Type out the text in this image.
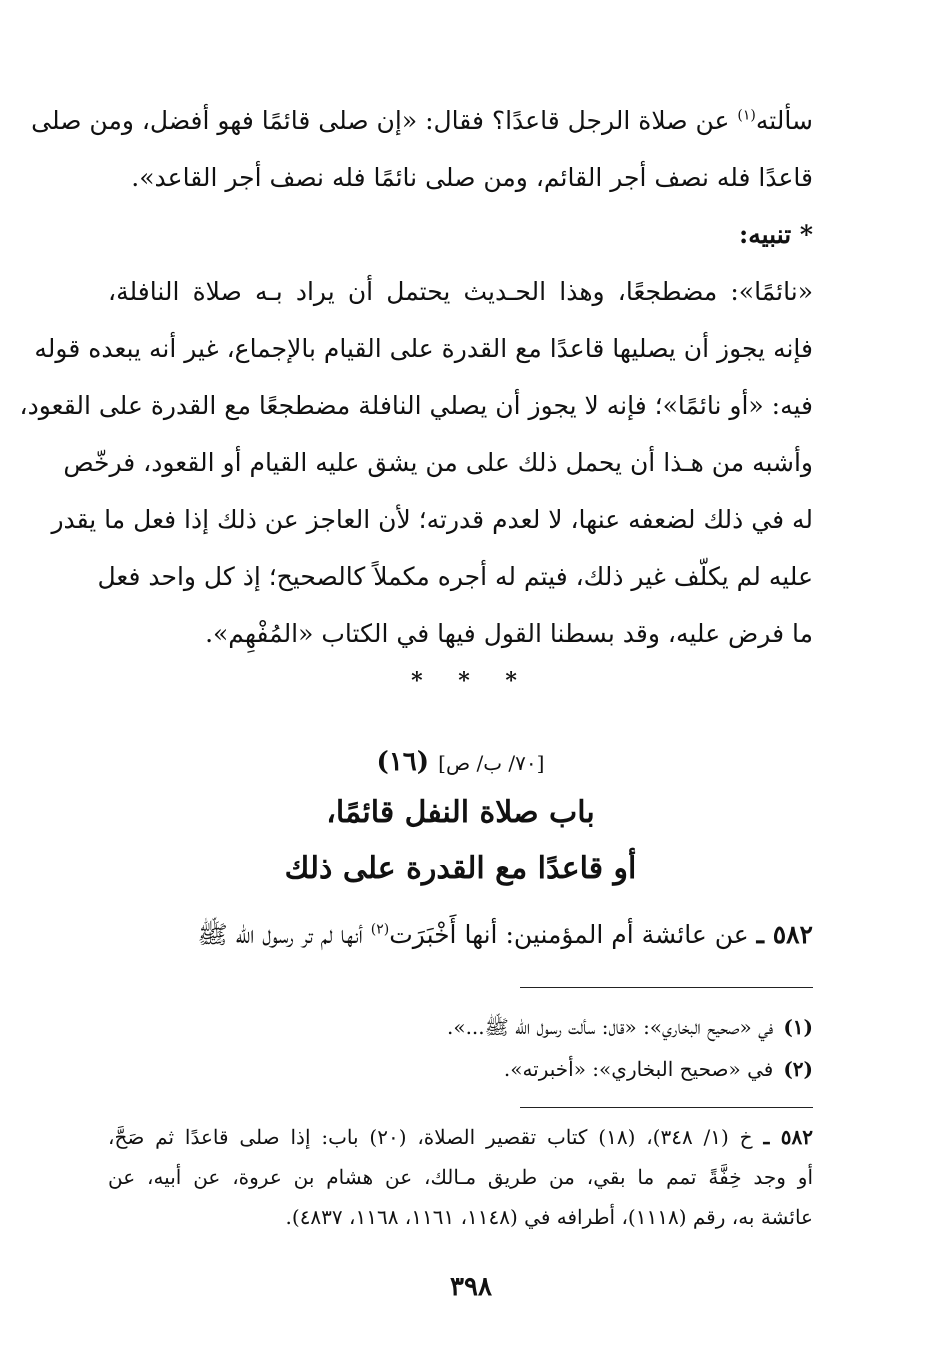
سألته$^{(١)}$ عن صلاة الرجل قاعدًا؟ فقال: «إن صلى قائمًا فهو أفضل، ومن صلى
قاعدًا فله نصف أجر القائم، ومن صلى نائمًا فله نصف أجر القاعد».
* تنبيه:
«نائمًا»: مضطجعًا، وهذا الحـديث يحتمل أن يراد بـه صلاة النافلة،
فإنه يجوز أن يصليها قاعدًا مع القدرة على القيام بالإجماع، غير أنه يبعده قوله
فيه: «أو نائمًا»؛ فإنه لا يجوز أن يصلي النافلة مضطجعًا مع القدرة على القعود،
وأشبه من هـذا أن يحمل ذلك على من يشق عليه القيام أو القعود، فرخّص
له في ذلك لضعفه عنها، لا لعدم قدرته؛ لأن العاجز عن ذلك إذا فعل ما يقدر
عليه لم يكلّف غير ذلك، فيتم له أجره مكملاً كالصحيح؛ إذ كل واحد فعل
ما فرض عليه، وقد بسطنا القول فيها في الكتاب «المُفْهِم».
* * *
[٧٠/ ب/ ص] (١٦)
باب صلاة النفل قائمًا،
أو قاعدًا مع القدرة على ذلك
٥٨٢ ـ عن عائشة أم المؤمنين: أنها أَخْبَرَت$^{(٢)}$ أنها لم تر رسول الله ﷺ
(١)في «صحيح البخاري»: «قال: سألت رسول الله ﷺ...».
(٢)في «صحيح البخاري»: «أخبرته».
٥٨٢ ـ خ (١/ ٣٤٨)، (١٨) كتاب تقصير الصلاة، (٢٠) باب: إذا صلى قاعدًا ثم صَحَّ،
أو وجد خِفَّةً تمم ما بقي، من طريق مـالك، عن هشام بن عروة، عن أبيه، عن
عائشة به، رقم (١١١٨)، أطرافه في (١١٤٨، ١١٦١، ١١٦٨، ٤٨٣٧).
٣٩٨
